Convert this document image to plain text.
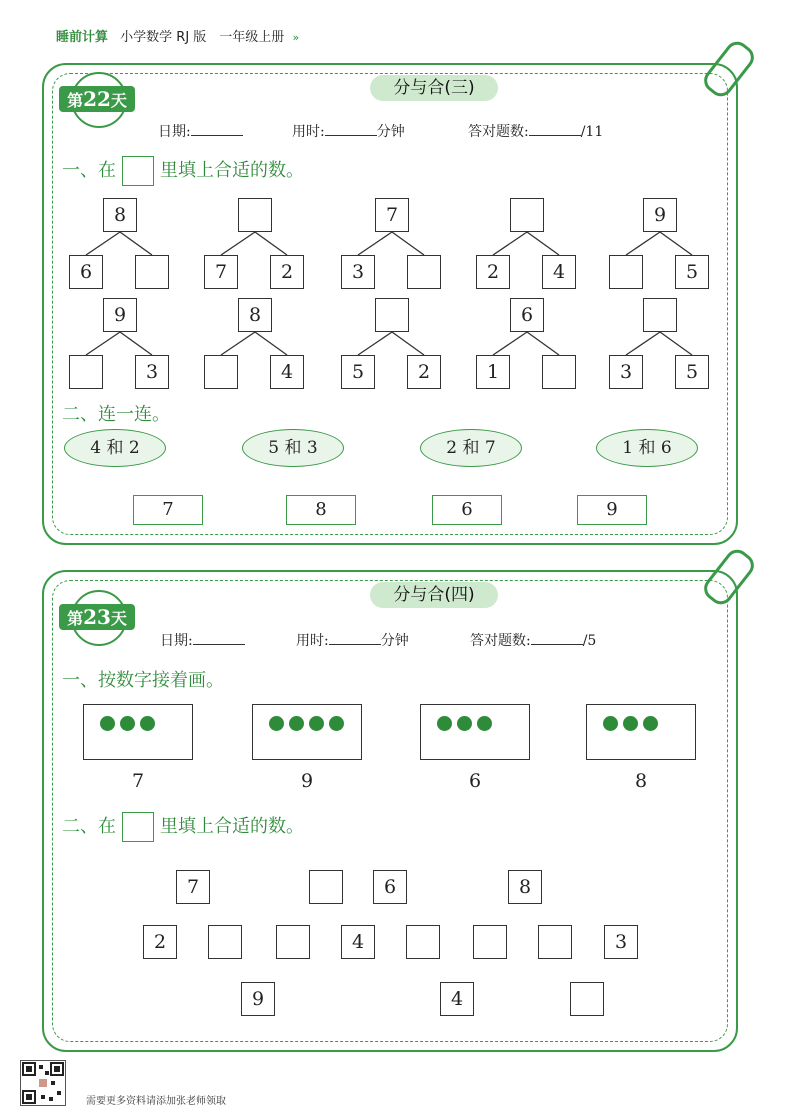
睡前计算 小学数学 RJ 版　一年级上册 »
分与合(三)
第22天
日期:	用时:	分钟	答对题数:	/11
一、在 里填上合适的数。
8
6	7	2
7
3	2	4
9
5
9
3
8
4	5	2
6
1	3	5
二、连一连。
4 和 2	5 和 3	2 和 7	1 和 6
7	8	6	9
分与合(四)
第23天
日期:	用时:	分钟	答对题数:	/5
一、按数字接着画。
7	9	6	8
二、在 里填上合适的数。
7	6	8
2	4	3
9	4
需要更多资料请添加张老师领取
